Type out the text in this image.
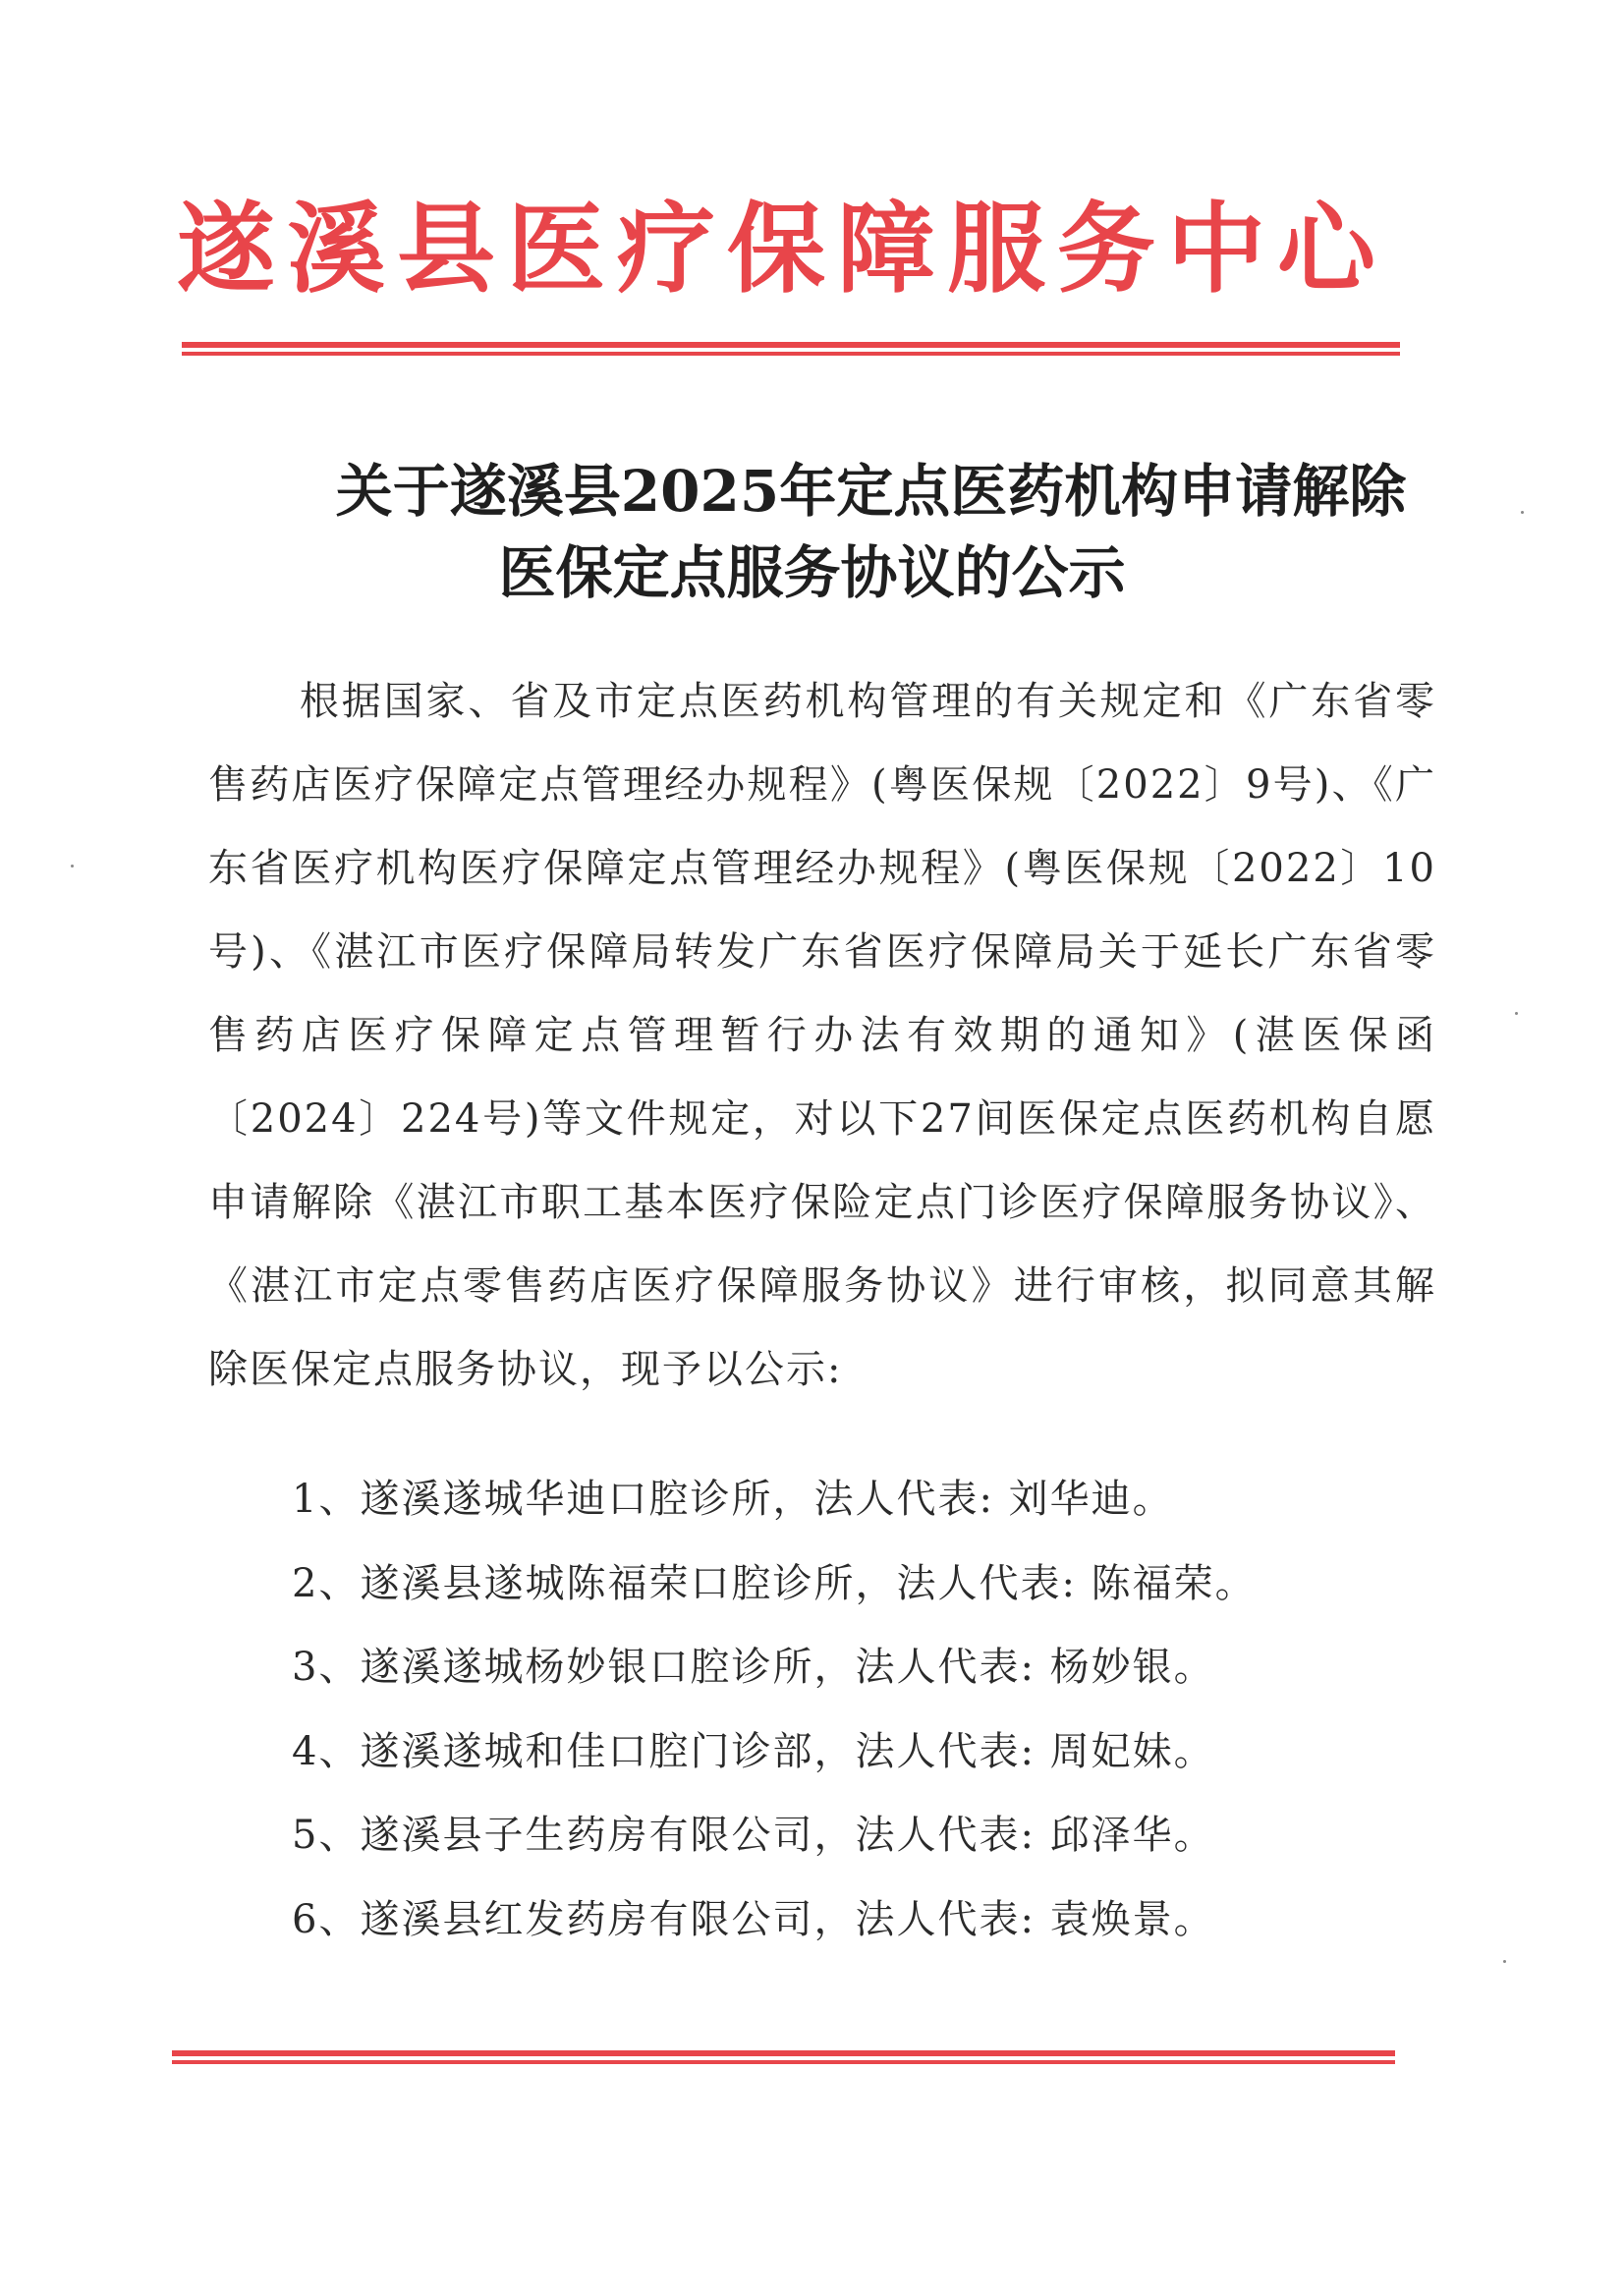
遂溪县医疗保障服务中心
关于遂溪县2025年定点医药机构申请解除
医保定点服务协议的公示
根据国家、省及市定点医药机构管理的有关规定和《广东省零售药店医疗保障定点管理经办规程》(粤医保规〔2022〕9号)、《广东省医疗机构医疗保障定点管理经办规程》(粤医保规〔2022〕10号)、《湛江市医疗保障局转发广东省医疗保障局关于延长广东省零售药店医疗保障定点管理暂行办法有效期的通知》(湛医保函〔2024〕224号)等文件规定，对以下27间医保定点医药机构自愿申请解除《湛江市职工基本医疗保险定点门诊医疗保障服务协议》、《湛江市定点零售药店医疗保障服务协议》进行审核，拟同意其解除医保定点服务协议，现予以公示:
1、遂溪遂城华迪口腔诊所，法人代表: 刘华迪。
2、遂溪县遂城陈福荣口腔诊所，法人代表: 陈福荣。
3、遂溪遂城杨妙银口腔诊所，法人代表: 杨妙银。
4、遂溪遂城和佳口腔门诊部，法人代表: 周妃妹。
5、遂溪县子生药房有限公司，法人代表: 邱泽华。
6、遂溪县红发药房有限公司，法人代表: 袁焕景。
